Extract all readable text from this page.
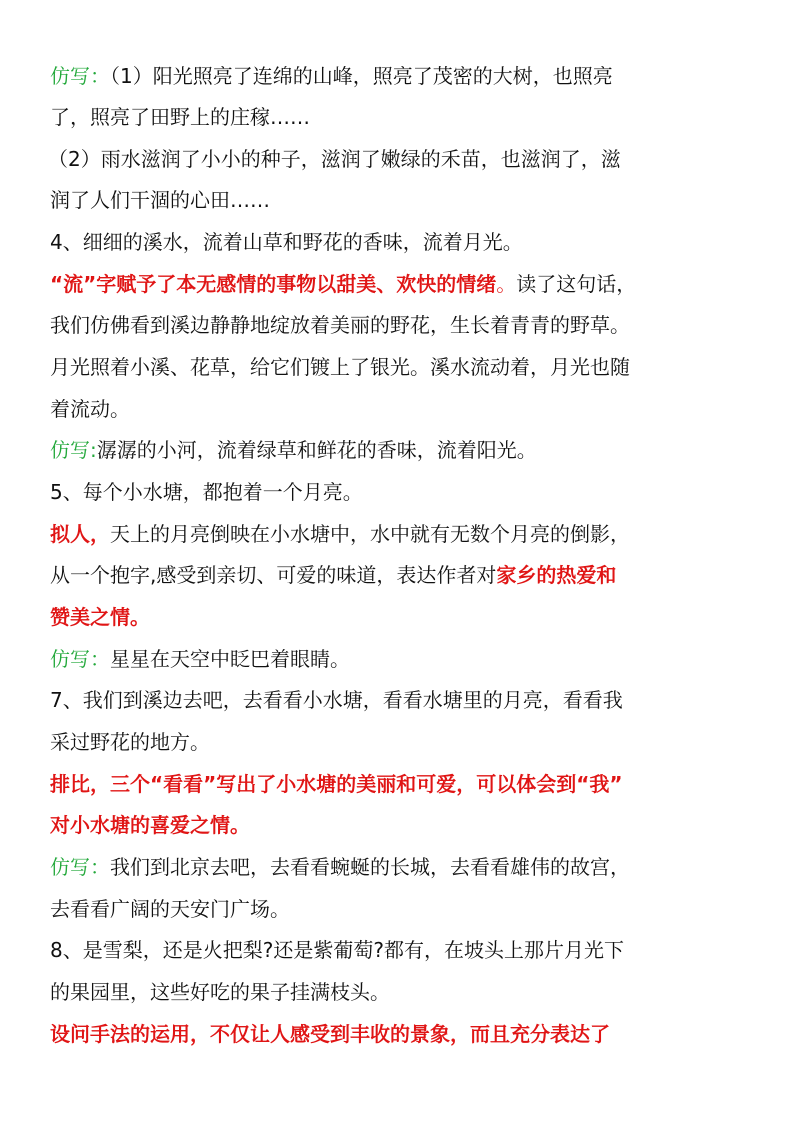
仿写：（1）阳光照亮了连绵的山峰，照亮了茂密的大树，也照亮
了，照亮了田野上的庄稼……
（2）雨水滋润了小小的种子，滋润了嫩绿的禾苗，也滋润了，滋
润了人们干涸的心田……
4、细细的溪水，流着山草和野花的香味，流着月光。
“流”字赋予了本无感情的事物以甜美、欢快的情绪。读了这句话，
我们仿佛看到溪边静静地绽放着美丽的野花，生长着青青的野草。
月光照着小溪、花草，给它们镀上了银光。溪水流动着，月光也随
着流动。
仿写:潺潺的小河，流着绿草和鲜花的香味，流着阳光。
5、每个小水塘，都抱着一个月亮。
拟人，天上的月亮倒映在小水塘中，水中就有无数个月亮的倒影，
从一个抱字,感受到亲切、可爱的味道，表达作者对家乡的热爱和
赞美之情。
仿写：星星在天空中眨巴着眼睛。
7、我们到溪边去吧，去看看小水塘，看看水塘里的月亮，看看我
采过野花的地方。
排比，三个“看看”写出了小水塘的美丽和可爱，可以体会到“我”
对小水塘的喜爱之情。
仿写：我们到北京去吧，去看看蜿蜒的长城，去看看雄伟的故宫，
去看看广阔的天安门广场。
8、是雪梨，还是火把梨?还是紫葡萄?都有，在坡头上那片月光下
的果园里，这些好吃的果子挂满枝头。
设问手法的运用，不仅让人感受到丰收的景象，而且充分表达了
